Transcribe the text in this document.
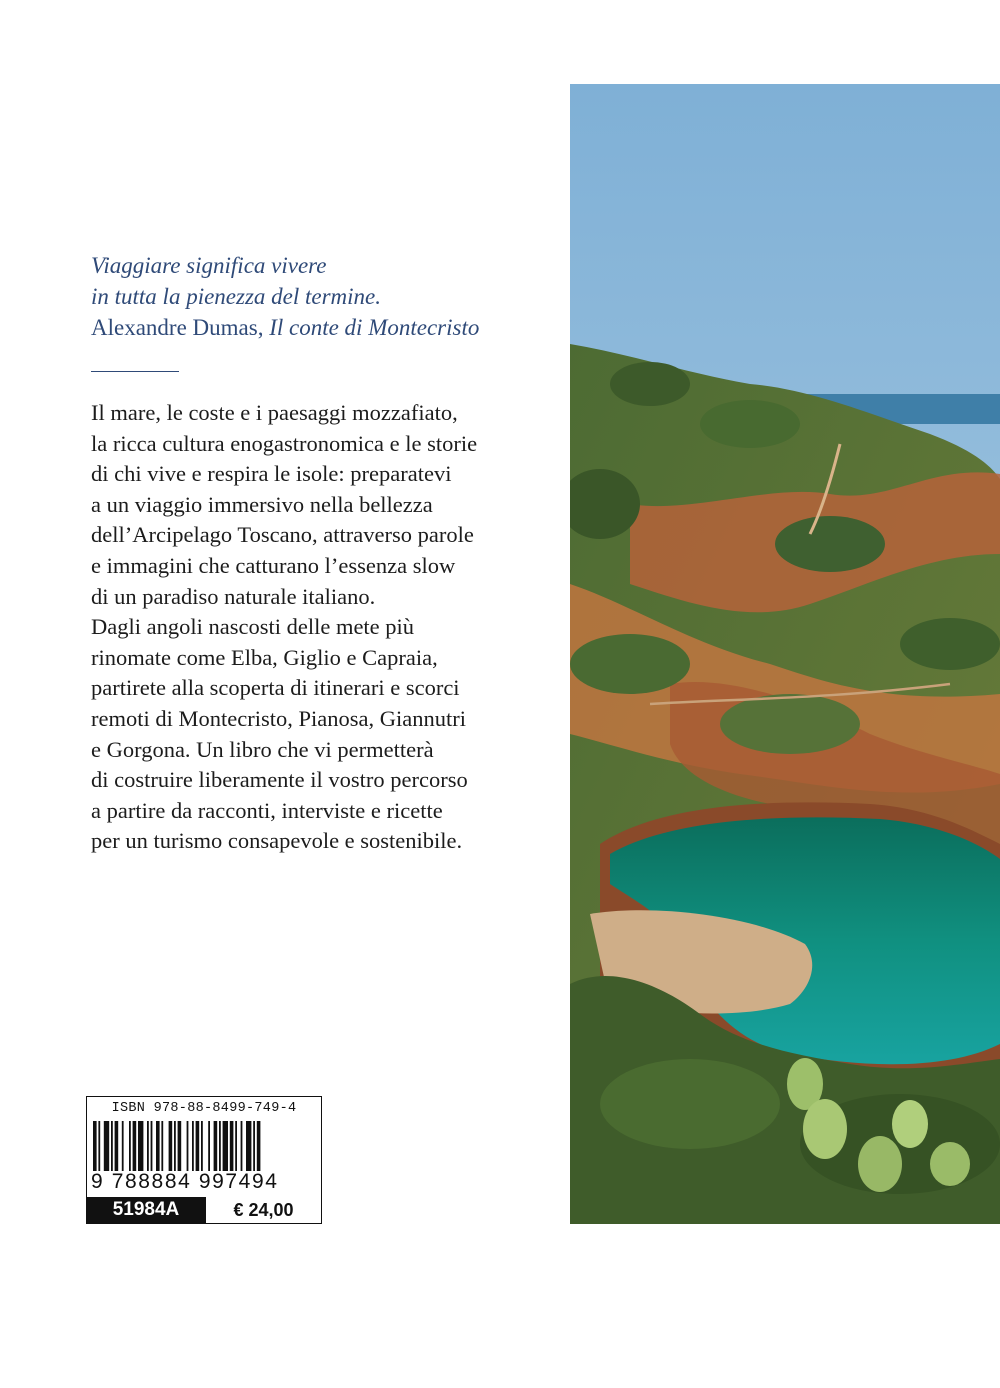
Viaggiare significa vivere
in tutta la pienezza del termine.
Alexandre Dumas, Il conte di Montecristo
Il mare, le coste e i paesaggi mozzafiato,
la ricca cultura enogastronomica e le storie
di chi vive e respira le isole: preparatevi
a un viaggio immersivo nella bellezza
dell’Arcipelago Toscano, attraverso parole
e immagini che catturano l’essenza slow
di un paradiso naturale italiano.
Dagli angoli nascosti delle mete più
rinomate come Elba, Giglio e Capraia,
partirete alla scoperta di itinerari e scorci
remoti di Montecristo, Pianosa, Giannutri
e Gorgona. Un libro che vi permetterà
di costruire liberamente il vostro percorso
a partire da racconti, interviste e ricette
per un turismo consapevole e sostenibile.
ISBN 978-88-8499-749-4
9 788884 997494
51984A	€ 24,00
